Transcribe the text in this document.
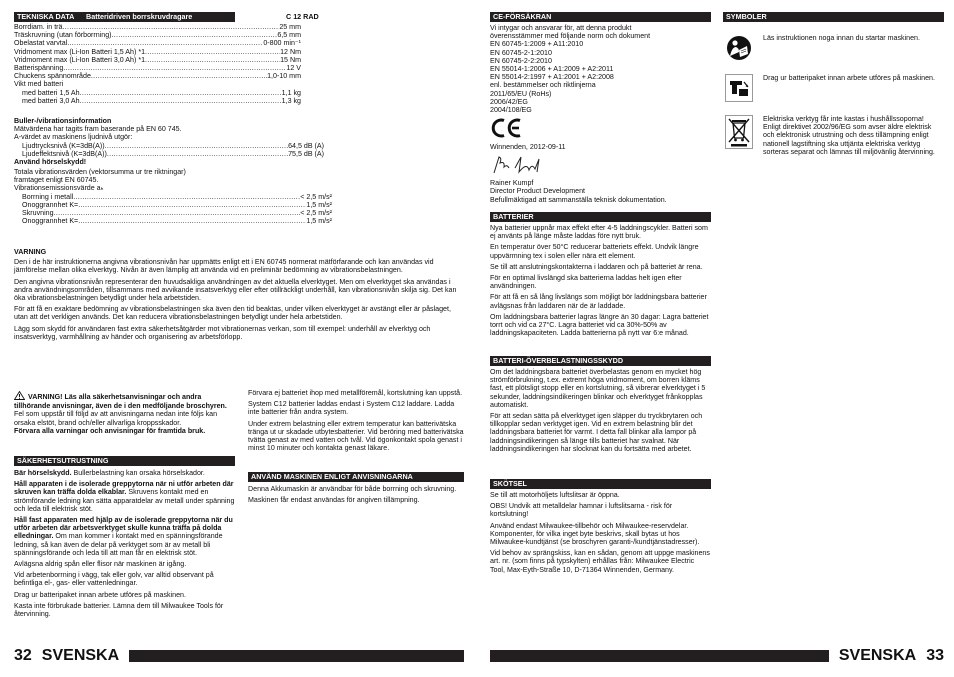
TEKNISKA DATA	Batteridriven borrskruvdragare	C 12 RAD
Borrdiam. in trä .....	25 mm
Träskruvning (utan förborrning) .....	6,5 mm
Obelastat varvtal .....	0-800 min⁻¹
Vridmoment max (Li-Ion Batteri 1,5 Ah) *1 .....	12 Nm
Vridmoment max (Li-Ion Batteri 3,0 Ah) *1 .....	15 Nm
Batterispänning .....	12 V
Chuckens spännområde .....	1,0-10 mm
Vikt med batteri
med batteri 1,5 Ah .....	1,1 kg
med batteri 3,0 Ah .....	1,3 kg
Buller-/vibrationsinformation
Mätvärdena har tagits fram baserande på EN 60 745.
A-värdet av maskinens ljudnivå utgör:
Ljudtrycksnivå (K=3dB(A)) .....	64,5 dB (A)
Ljudeffektsnivå (K=3dB(A)) .....	75,5 dB (A)
Använd hörselskydd!
Totala vibrationsvärden (vektorsumma ur tre riktningar)
framtaget enligt EN 60745.
Vibrationsemissionsvärde aₕ
Borrning i metall .....	< 2,5 m/s²
Onoggrannhet K= .....	1,5 m/s²
Skruvning .....	< 2,5 m/s²
Onoggrannhet K= .....	1,5 m/s²

VARNING

Den i de här instruktionerna angivna vibrationsnivån har uppmätts enligt ett i EN 60745 normerat mätförfarande och kan användas vid jämförelse mellan olika elverktyg. Nivån är även lämplig att använda vid en preliminär bedömning av vibrationsbelastningen.

Den angivna vibrationsnivån representerar den huvudsakliga användningen av det aktuella elverktyget. Men om elverktyget ska användas i andra användningsområden, tillsammans med avvikande insatsverktyg eller efter otillräckligt underhåll, kan vibrationsnivån skilja sig. Det kan öka vibrationsbelastningen betydligt under hela arbetstiden.

För att få en exaktare bedömning av vibrationsbelastningen ska även den tid beaktas, under vilken elverktyget är avstängt eller är påslaget, utan att det verkligen används. Det kan reducera vibrationsbelastningen betydligt under hela arbetstiden.

Lägg som skydd för användaren fast extra säkerhetsåtgärder mot vibrationernas verkan, som till exempel: underhåll av elverktyg och insatsverktyg, varmhållning av händer och organisering av arbetsförlopp.

VARNING! Läs alla säkerhetsanvisningar och andra tillhörande anvisningar, även de i den medföljande broschyren. Fel som uppstår till följd av att anvisningarna nedan inte följs kan orsaka elstöt, brand och/eller allvarliga kroppsskador.

Förvara alla varningar och anvisningar för framtida bruk.

SÄKERHETSUTRUSTNING

Bär hörselskydd. Bullerbelastning kan orsaka hörselskador.

Håll apparaten i de isolerade greppytorna när ni utför arbeten där skruven kan träffa dolda elkablar. Skruvens kontakt med en strömförande ledning kan sätta apparatdelar av metall under spänning och leda till elektrisk stöt.

Håll fast apparaten med hjälp av de isolerade greppytorna när du utför arbeten där arbetsverktyget skulle kunna träffa på dolda elledningar. Om man kommer i kontakt med en spänningsförande ledning, så kan även de delar på verktyget som är av metall bli spänningsförande och leda till att man får en elektrisk stöt.

Avlägsna aldrig spån eller flisor när maskinen är igång.

Vid arbetenborrning i vägg, tak eller golv, var alltid observant på befintliga el-, gas- eller vattenledningar.

Drag ur batteripaket innan arbete utföres på maskinen.

Kasta inte förbrukade batterier. Lämna dem till Milwaukee Tools för återvinning.

Förvara ej batteriet ihop med metallföremål, kortslutning kan uppstå.

System C12 batterier laddas endast i System C12 laddare. Ladda inte batterier från andra system.

Under extrem belastning eller extrem temperatur kan batterivätska tränga ut ur skadade utbytesbatterier. Vid beröring med batterivätska tvätta genast av med vatten och tvål. Vid ögonkontakt spola genast i minst 10 minuter och kontakta genast läkare.

ANVÄND MASKINEN ENLIGT ANVISNINGARNA

Denna Akkumaskin är användbar för både borrning och skruvning.

Maskinen får endast användas för angiven tillämpning.

32 SVENSKA
CE-FÖRSÄKRAN
Vi intygar och ansvarar för, att denna produkt
överensstämmer med följande norm och dokument
EN 60745-1:2009 + A11:2010
EN 60745-2-1:2010
EN 60745-2-2:2010
EN 55014-1:2006 + A1:2009 + A2:2011
EN 55014-2:1997 + A1:2001 + A2:2008
enl. bestämmelser och riktlinjerna
2011/65/EU (RoHs)
2006/42/EG
2004/108/EG
Winnenden, 2012-09-11
Rainer Kumpf
Director Product Development
Befullmäktigad att sammanställa teknisk dokumentation.
BATTERIER

Nya batterier uppnår max effekt efter 4-5 laddningscykler. Batteri som ej använts på länge måste laddas före nytt bruk.

En temperatur över 50°C reducerar batteriets effekt. Undvik längre uppvärmning tex i solen eller nära ett element.

Se till att anslutningskontakterna i laddaren och på batteriet är rena.

För en optimal livslängd ska batterierna laddas helt igen efter användningen.

För att få en så lång livslängs som möjligt bör laddningsbara batterier avlägsnas från laddaren när de är laddade.

Om laddningsbara batterier lagras längre än 30 dagar: Lagra batteriet torrt och vid ca 27°C. Lagra batteriet vid ca 30%-50% av laddningskapaciteten. Ladda batterierna på nytt var 6:e månad.

BATTERI-ÖVERBELASTNINGSSKYDD

Om det laddningsbara batteriet överbelastas genom en mycket hög strömförbrukning, t.ex. extremt höga vridmoment, om borren kläms fast, ett plötsligt stopp eller en kortslutning, så vibrerar elverktyget i 5 sekunder, laddningsindikeringen blinkar och elverktyget frånkopplas automatiskt.

För att sedan sätta på elverktyget igen släpper du tryckbrytaren och tillkopplar sedan verktyget igen. Vid en extrem belastning blir det laddningsbara batteriet för varmt. I detta fall blinkar alla lampor på laddningsindikeringen så länge tills batteriet har svalnat. När laddningsindikeringen har slocknat kan du fortsätta med arbetet.

SKÖTSEL

Se till att motorhöljets luftslitsar är öppna.

OBS! Undvik att metalldelar hamnar i luftslitsarna - risk för kortslutning!

Använd endast Milwaukee-tillbehör och Milwaukee-reservdelar. Komponenter, för vilka inget byte beskrivs, skall bytas ut hos Milwaukee-kundtjänst (se broschyren garanti-/kundtjänstadresser).

Vid behov av sprängskiss, kan en sådan, genom att uppge maskinens art. nr. (som finns på typskylten) erhållas från: Milwaukee Electric Tool, Max-Eyth-Straße 10, D-71364 Winnenden, Germany.

SYMBOLER
Läs instruktionen noga innan du startar maskinen.
Drag ur batteripaket innan arbete utföres på maskinen.
Elektriska verktyg får inte kastas i hushållssoporna! Enligt direktivet 2002/96/EG som avser äldre elektrisk och elektronisk utrustning och dess tillämpning enligt nationell lagstiftning ska uttjänta elektriska verktyg sorteras separat och lämnas till miljövänlig återvinning.
SVENSKA 33
